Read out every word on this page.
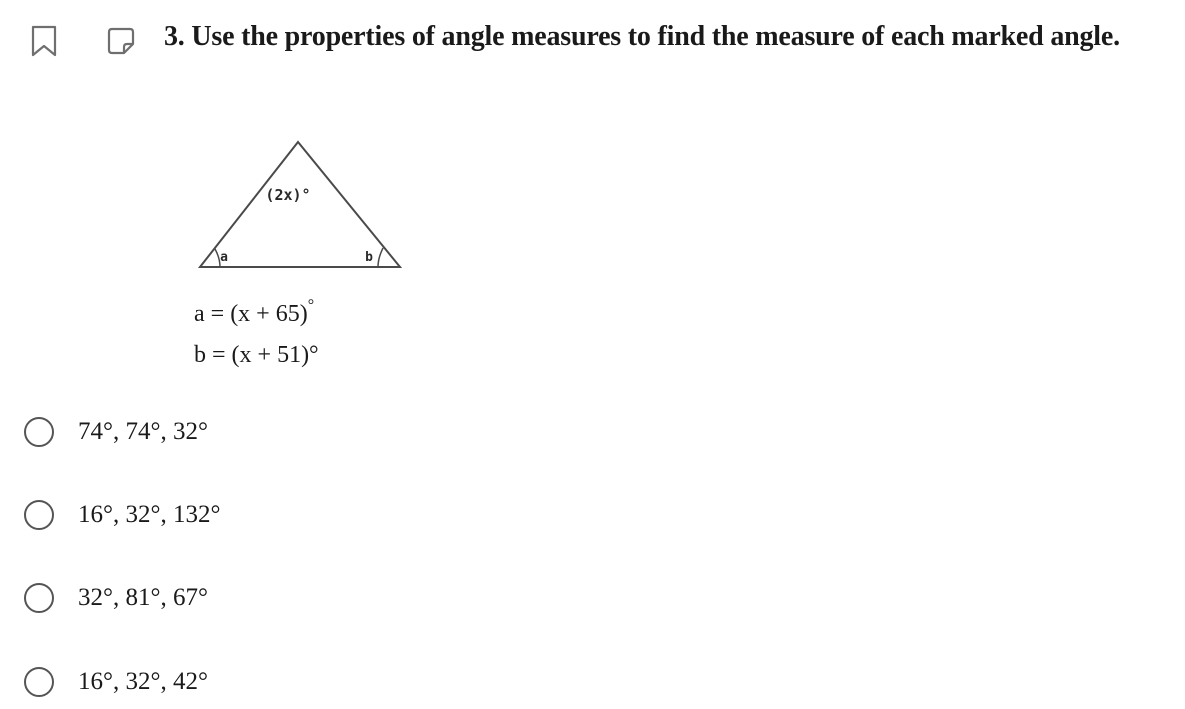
3. Use the properties of angle measures to find the measure of each marked angle.
(2x)°
a	b
a = (x + 65)°
b = (x + 51)°
74°, 74°, 32°
16°, 32°, 132°
32°, 81°, 67°
16°, 32°, 42°
